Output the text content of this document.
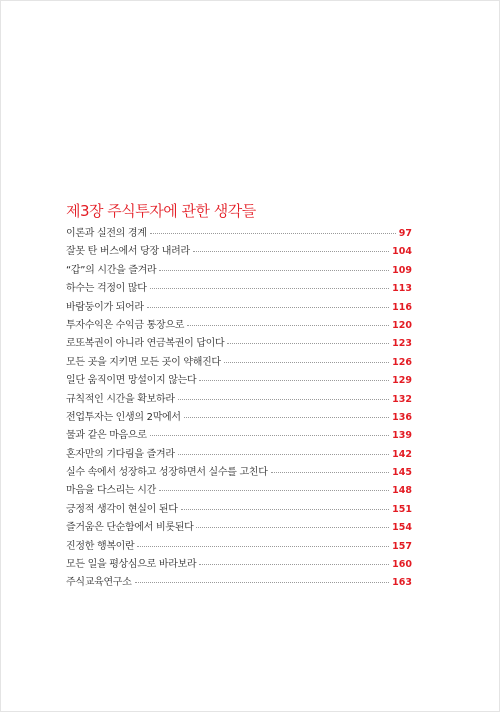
제3장 주식투자에 관한 생각들
이론과 실전의 경계	97
잘못 탄 버스에서 당장 내려라	104
“갑”의 시간을 즐겨라	109
하수는 걱정이 많다	113
바람둥이가 되어라	116
투자수익은 수익금 통장으로	120
로또복권이 아니라 연금복권이 답이다	123
모든 곳을 지키면 모든 곳이 약해진다	126
일단 움직이면 망설이지 않는다	129
규칙적인 시간을 확보하라	132
전업투자는 인생의 2막에서	136
물과 같은 마음으로	139
혼자만의 기다림을 즐겨라	142
실수 속에서 성장하고 성장하면서 실수를 고친다	145
마음을 다스리는 시간	148
긍정적 생각이 현실이 된다	151
즐거움은 단순함에서 비롯된다	154
진정한 행복이란	157
모든 일을 평상심으로 바라보라	160
주식교육연구소	163
